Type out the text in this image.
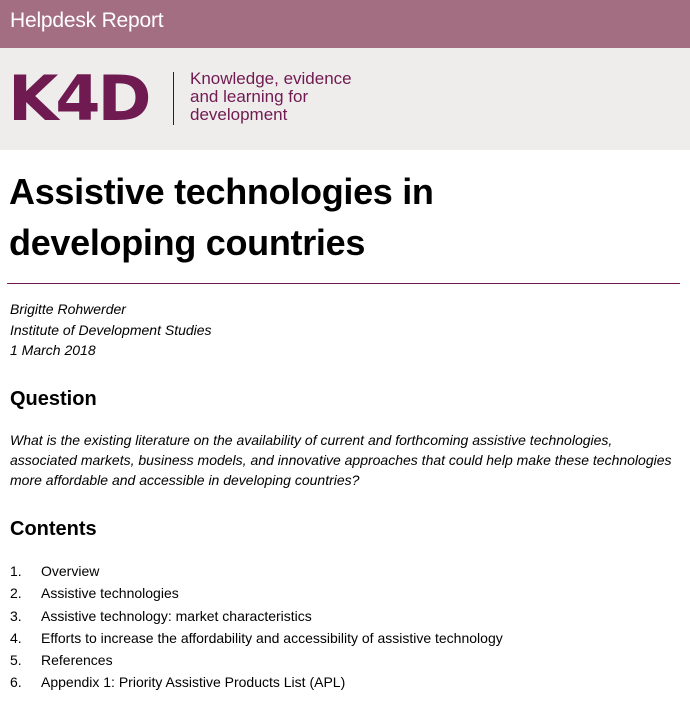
Helpdesk Report
K4D Knowledge, evidence
and learning for
development
Assistive technologies in
developing countries
Brigitte Rohwerder
Institute of Development Studies
1 March 2018
Question
What is the existing literature on the availability of current and forthcoming assistive technologies, associated markets, business models, and innovative approaches that could help make these technologies more affordable and accessible in developing countries?
Contents
1.	Overview
2.	Assistive technologies
3.	Assistive technology: market characteristics
4.	Efforts to increase the affordability and accessibility of assistive technology
5.	References
6.	Appendix 1: Priority Assistive Products List (APL)
